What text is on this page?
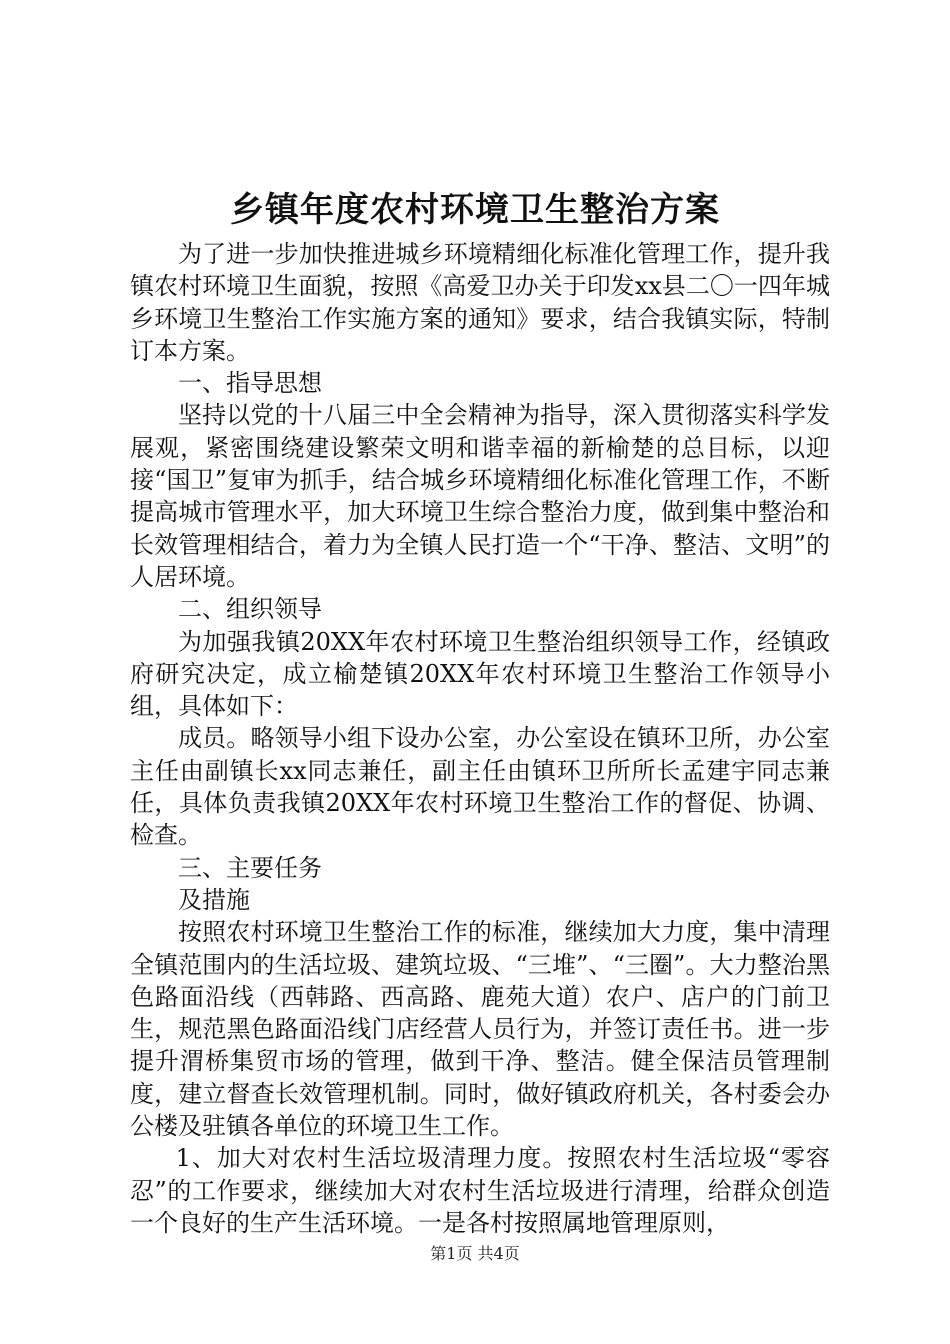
乡镇年度农村环境卫生整治方案

为了进一步加快推进城乡环境精细化标准化管理工作，提升我镇农村环境卫生面貌，按照《高爱卫办关于印发xx县二〇一四年城乡环境卫生整治工作实施方案的通知》要求，结合我镇实际，特制订本方案。

一、指导思想

坚持以党的十八届三中全会精神为指导，深入贯彻落实科学发展观，紧密围绕建设繁荣文明和谐幸福的新榆楚的总目标，以迎接“国卫”复审为抓手，结合城乡环境精细化标准化管理工作，不断提高城市管理水平，加大环境卫生综合整治力度，做到集中整治和长效管理相结合，着力为全镇人民打造一个“干净、整洁、文明”的人居环境。

二、组织领导

为加强我镇20XX年农村环境卫生整治组织领导工作，经镇政府研究决定，成立榆楚镇20XX年农村环境卫生整治工作领导小组，具体如下：

成员。略领导小组下设办公室，办公室设在镇环卫所，办公室主任由副镇长xx同志兼任，副主任由镇环卫所所长孟建宇同志兼任，具体负责我镇20XX年农村环境卫生整治工作的督促、协调、检查。

三、主要任务

及措施

按照农村环境卫生整治工作的标准，继续加大力度，集中清理全镇范围内的生活垃圾、建筑垃圾、“三堆”、“三圈”。大力整治黑色路面沿线（西韩路、西高路、鹿苑大道）农户、店户的门前卫生，规范黑色路面沿线门店经营人员行为，并签订责任书。进一步提升渭桥集贸市场的管理，做到干净、整洁。健全保洁员管理制度，建立督查长效管理机制。同时，做好镇政府机关，各村委会办公楼及驻镇各单位的环境卫生工作。

1、加大对农村生活垃圾清理力度。按照农村生活垃圾“零容忍”的工作要求，继续加大对农村生活垃圾进行清理，给群众创造一个良好的生产生活环境。一是各村按照属地管理原则，

第1页 共4页
